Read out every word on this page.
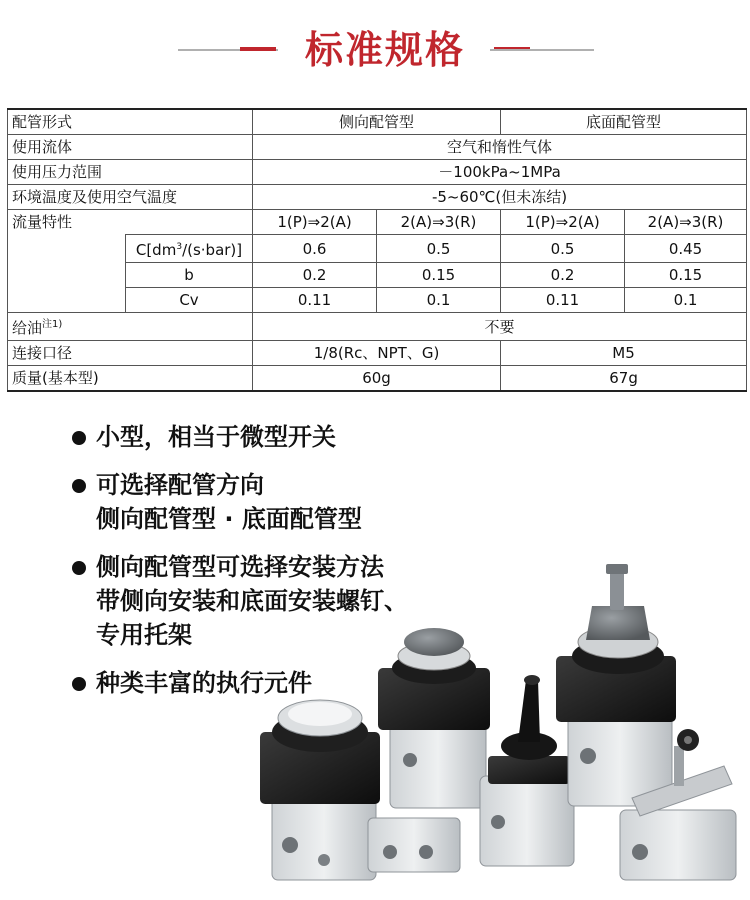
标准规格
配管形式		侧向配管型		底面配管型	
使用流体		空气和惰性气体			
使用压力范围		－100kPa~1MPa			
环境温度及使用空气温度		-5~60℃(但未冻结)			
流量特性		1(P)⇒2(A)	2(A)⇒3(R)	1(P)⇒2(A)	2(A)⇒3(R)
	$C[dm^3/(s\cdot bar)]$	0.6	0.5	0.5	0.45
	b	0.2	0.15	0.2	0.15
	Cv	0.11	0.1	0.11	0.1
给油$^{注1)}$		不要			
连接口径		1/8(Rc、NPT、G)		M5	
质量(基本型)		60g		67g	
小型，相当于微型开关
可选择配管方向
侧向配管型 · 底面配管型
侧向配管型可选择安装方法
带侧向安装和底面安装螺钉、
专用托架
种类丰富的执行元件
